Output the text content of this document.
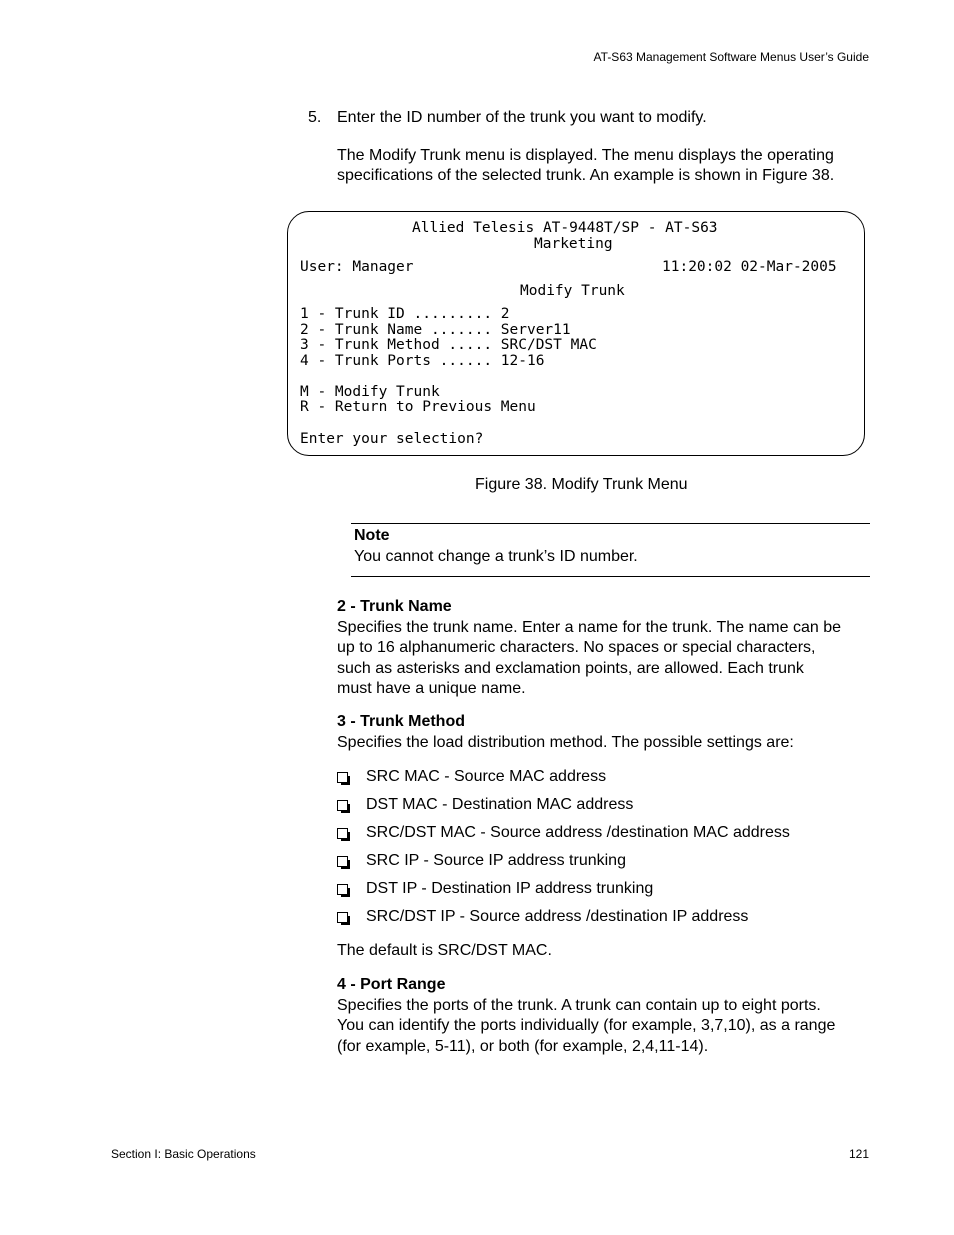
AT-S63 Management Software Menus User’s Guide
5. Enter the ID number of the trunk you want to modify.
The Modify Trunk menu is displayed. The menu displays the operating specifications of the selected trunk. An example is shown in Figure 38.
Allied Telesis AT-9448T/SP - AT-S63
Marketing
User: Manager	11:20:02 02-Mar-2005
Modify Trunk
1 - Trunk ID ......... 2
2 - Trunk Name ....... Server11
3 - Trunk Method ..... SRC/DST MAC
4 - Trunk Ports ...... 12-16
M - Modify Trunk
R - Return to Previous Menu
Enter your selection?
Figure 38. Modify Trunk Menu
Note
You cannot change a trunk’s ID number.
2 - Trunk Name
Specifies the trunk name. Enter a name for the trunk. The name can be
up to 16 alphanumeric characters. No spaces or special characters,
such as asterisks and exclamation points, are allowed. Each trunk
must have a unique name.
3 - Trunk Method
Specifies the load distribution method. The possible settings are:
SRC MAC - Source MAC address
DST MAC - Destination MAC address
SRC/DST MAC - Source address /destination MAC address
SRC IP - Source IP address trunking
DST IP - Destination IP address trunking
SRC/DST IP - Source address /destination IP address
The default is SRC/DST MAC.
4 - Port Range
Specifies the ports of the trunk. A trunk can contain up to eight ports.
You can identify the ports individually (for example, 3,7,10), as a range
(for example, 5-11), or both (for example, 2,4,11-14).
Section I: Basic Operations	121
